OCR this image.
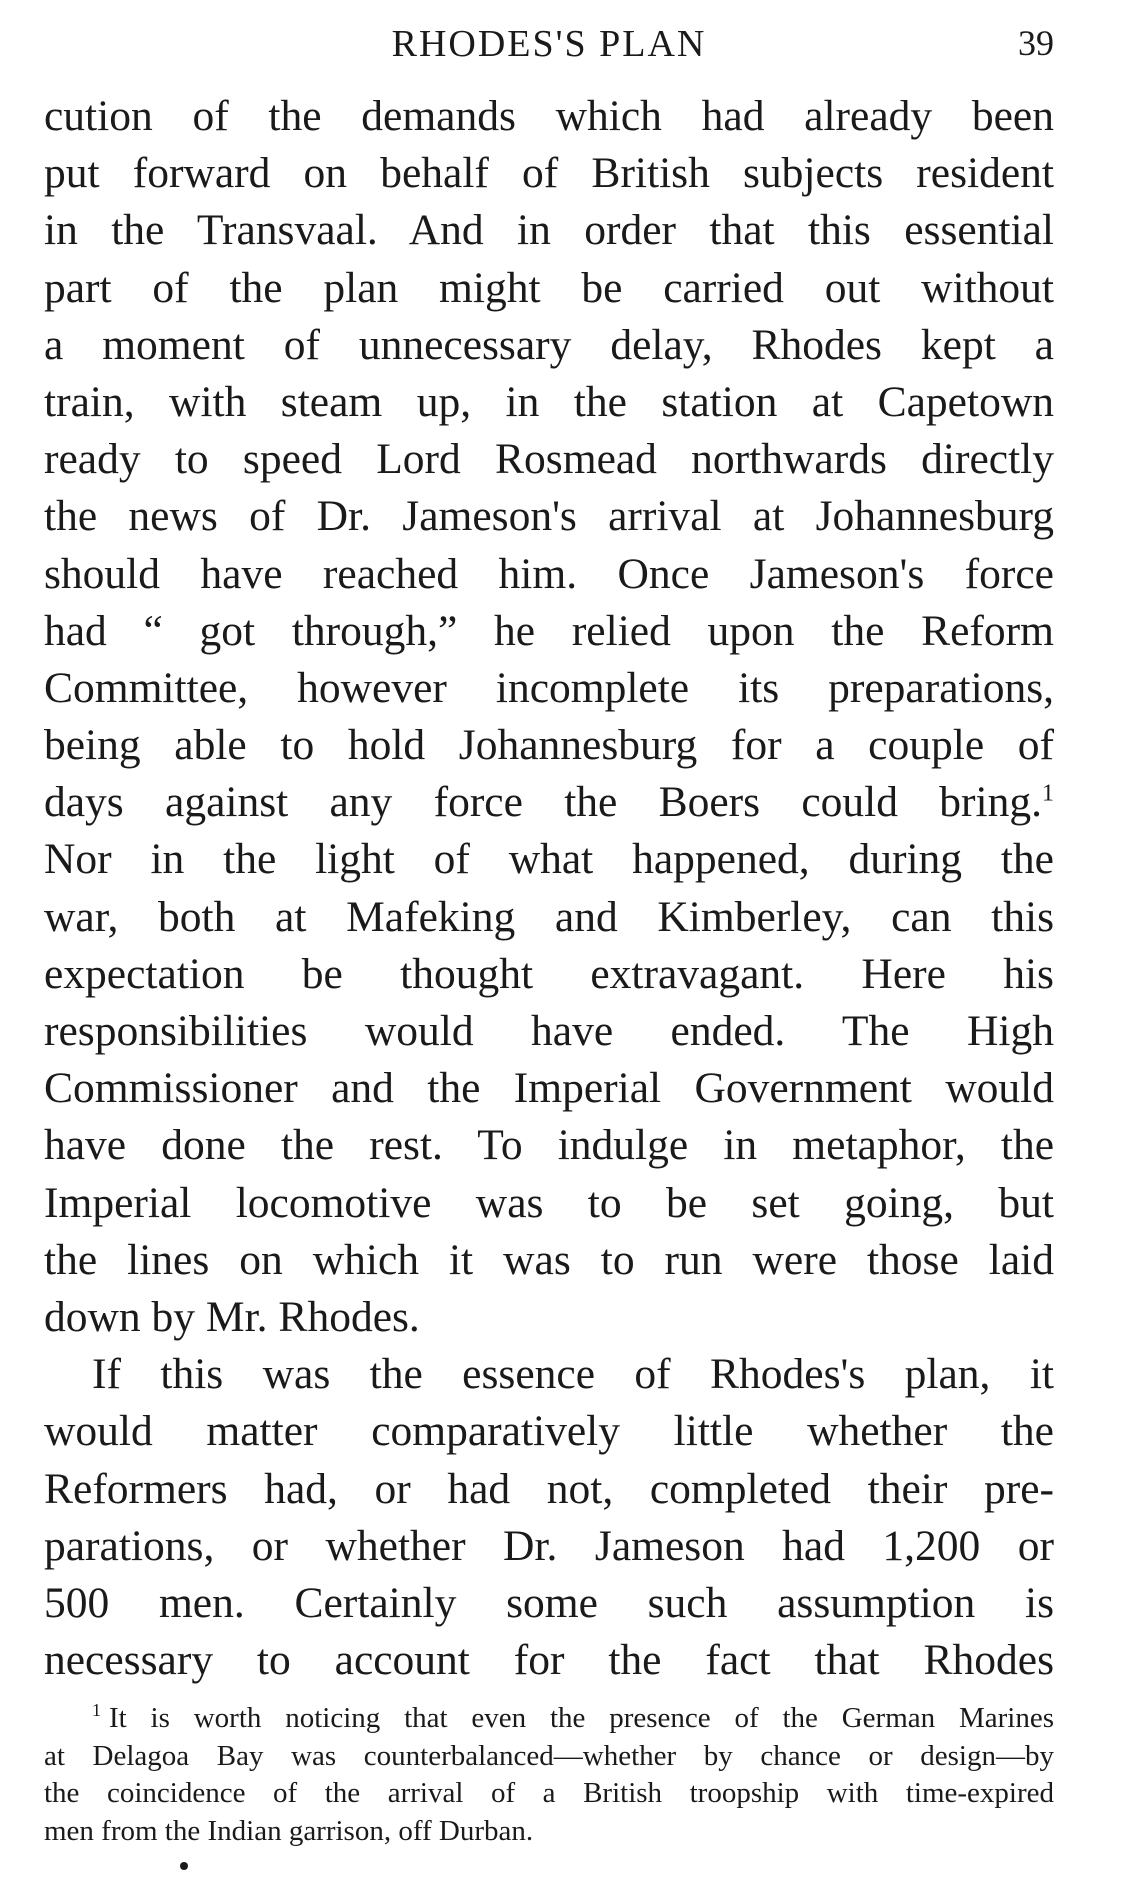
RHODES'S PLAN	39
cution of the demands which had already been
put forward on behalf of British subjects resident
in the Transvaal. And in order that this essential
part of the plan might be carried out without
a moment of unnecessary delay, Rhodes kept a
train, with steam up, in the station at Capetown
ready to speed Lord Rosmead northwards directly
the news of Dr. Jameson's arrival at Johannesburg
should have reached him. Once Jameson's force
had “ got through,” he relied upon the Reform
Committee, however incomplete its preparations,
being able to hold Johannesburg for a couple of
days against any force the Boers could bring.$^1$
Nor in the light of what happened, during the
war, both at Mafeking and Kimberley, can this
expectation be thought extravagant. Here his
responsibilities would have ended. The High
Commissioner and the Imperial Government would
have done the rest. To indulge in metaphor, the
Imperial locomotive was to be set going, but
the lines on which it was to run were those laid
down by Mr. Rhodes.
If this was the essence of Rhodes's plan, it
would matter comparatively little whether the
Reformers had, or had not, completed their pre-
parations, or whether Dr. Jameson had 1,200 or
500 men. Certainly some such assumption is
necessary to account for the fact that Rhodes
$^1$ It is worth noticing that even the presence of the German Marines
at Delagoa Bay was counterbalanced—whether by chance or design—by
the coincidence of the arrival of a British troopship with time-expired
men from the Indian garrison, off Durban.
